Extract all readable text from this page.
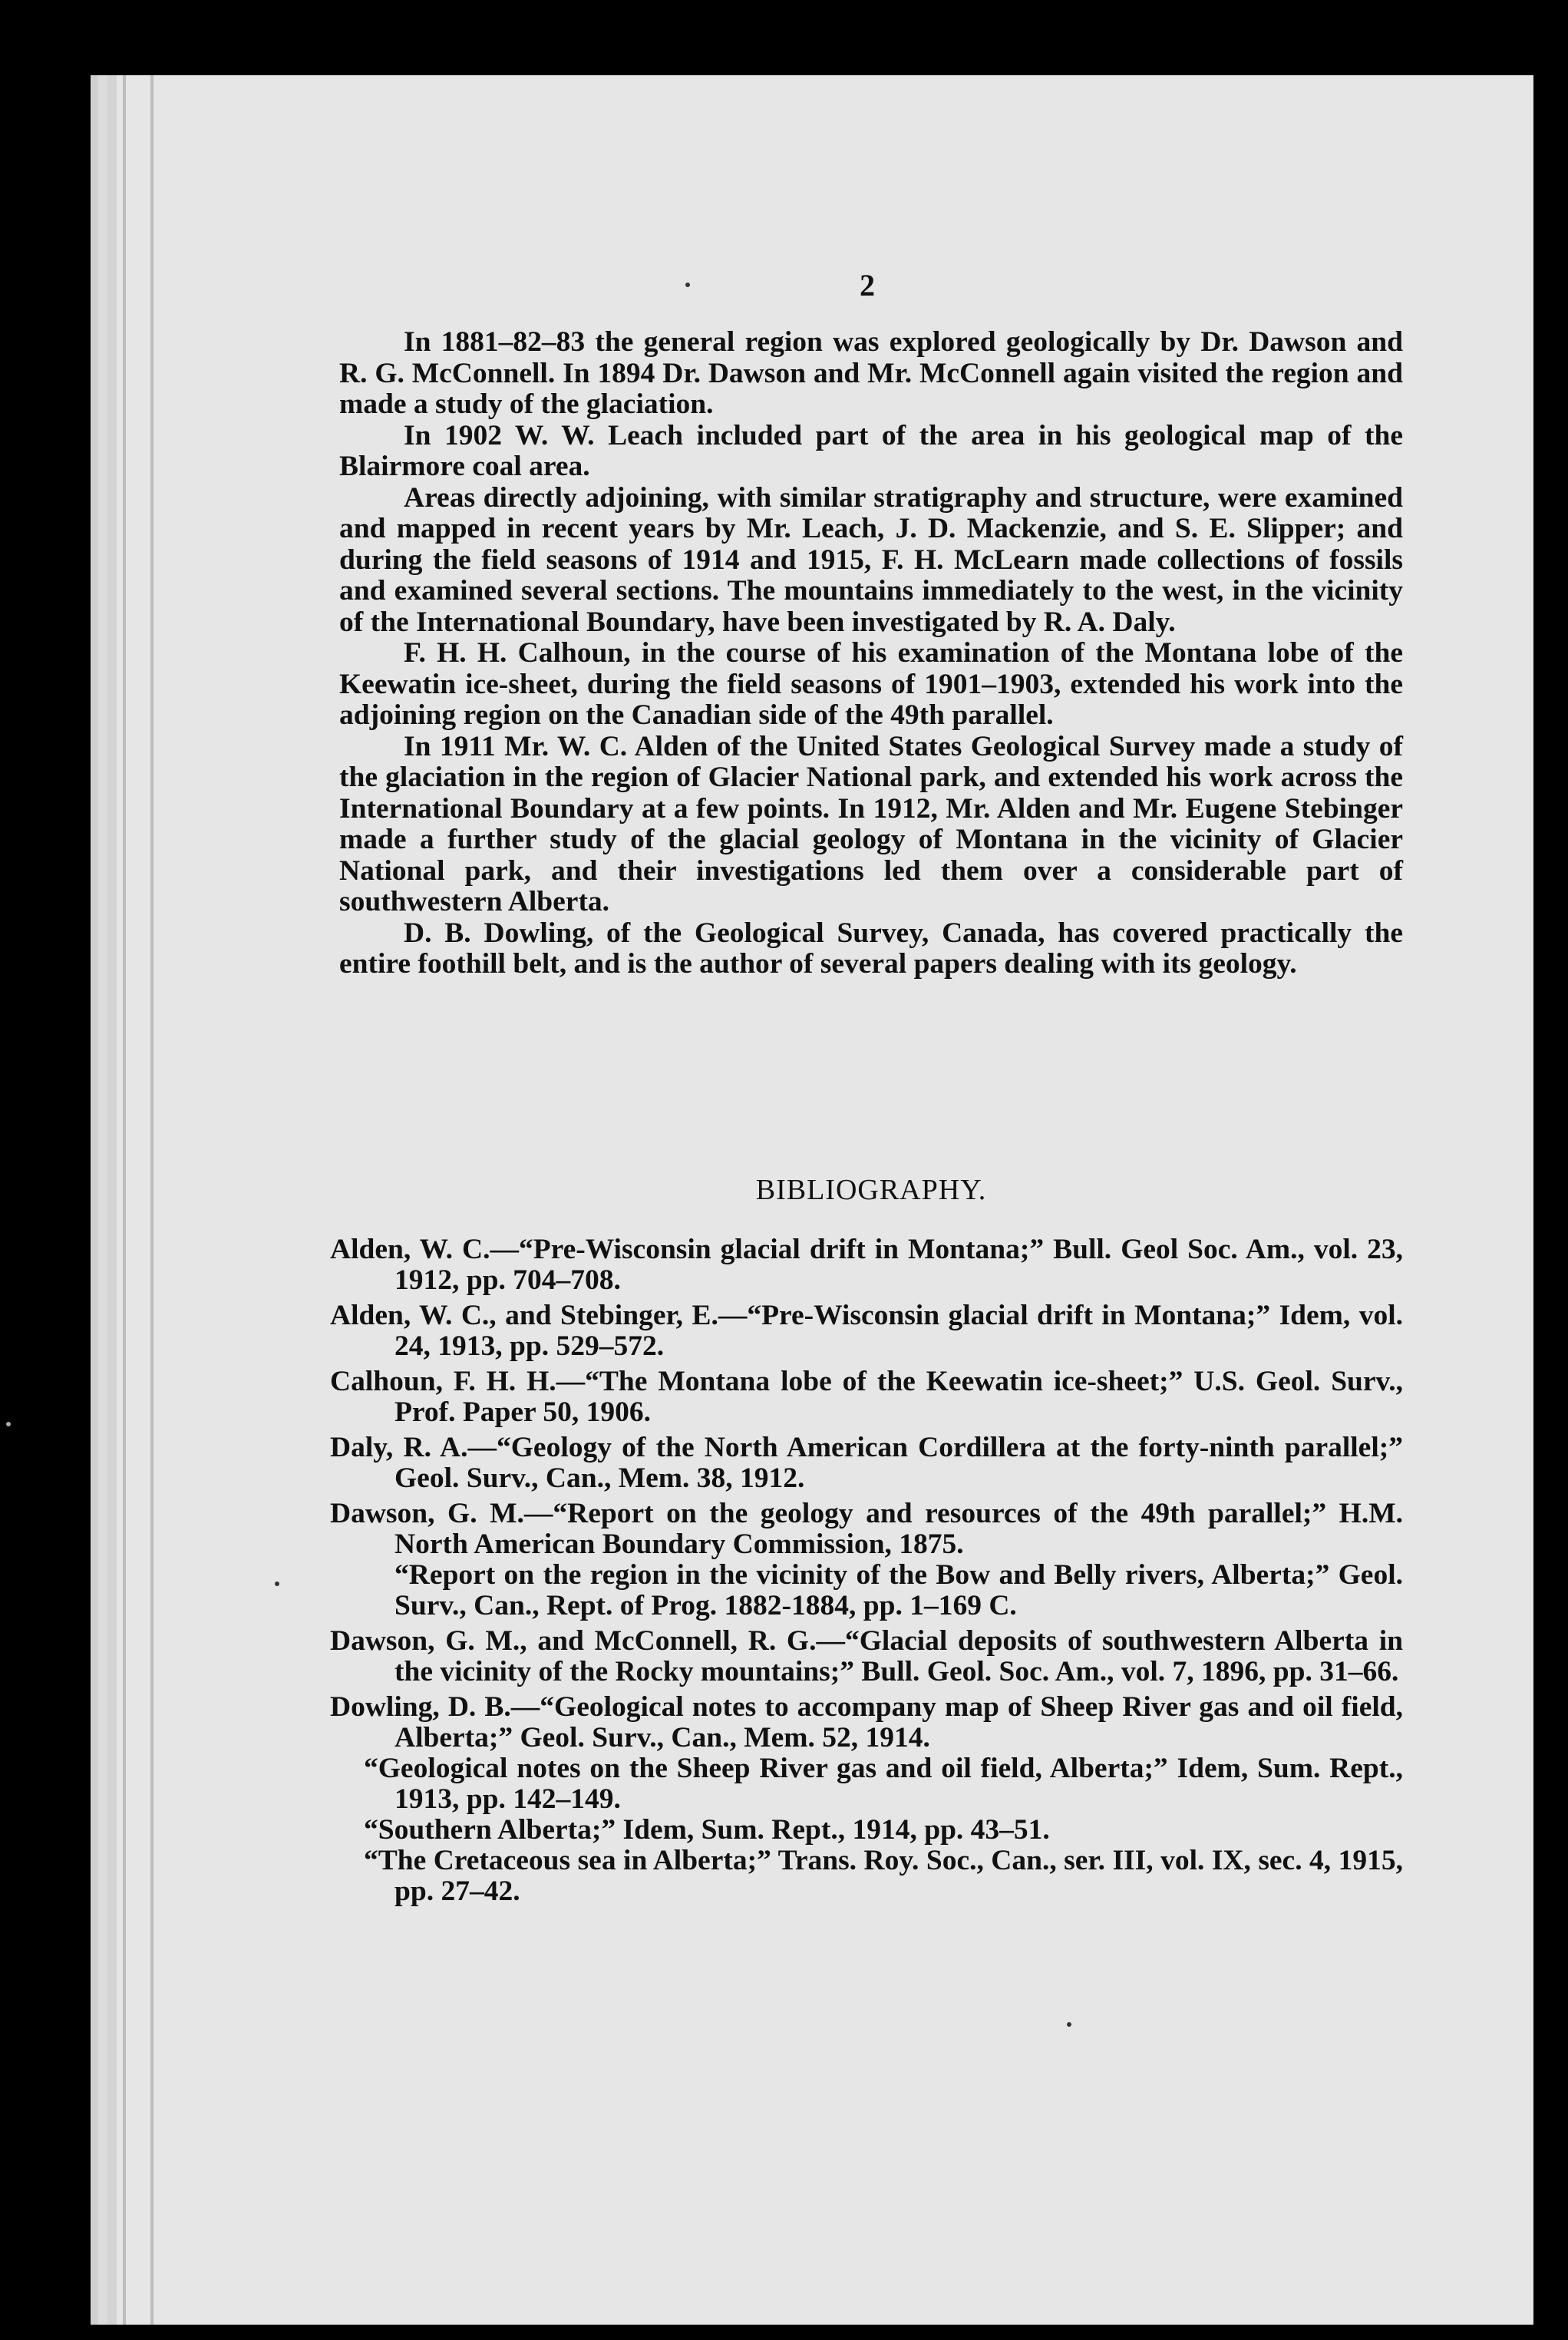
2

In 1881–82–83 the general region was explored geologically by Dr. Dawson and R. G. McConnell. In 1894 Dr. Dawson and Mr. McConnell again visited the region and made a study of the glaciation.

In 1902 W. W. Leach included part of the area in his geological map of the Blairmore coal area.

Areas directly adjoining, with similar stratigraphy and structure, were examined and mapped in recent years by Mr. Leach, J. D. Mackenzie, and S. E. Slipper; and during the field seasons of 1914 and 1915, F. H. McLearn made collections of fossils and examined several sections. The mountains immediately to the west, in the vicinity of the International Boundary, have been investigated by R. A. Daly.

F. H. H. Calhoun, in the course of his examination of the Montana lobe of the Keewatin ice-sheet, during the field seasons of 1901–1903, extended his work into the adjoining region on the Canadian side of the 49th parallel.

In 1911 Mr. W. C. Alden of the United States Geological Survey made a study of the glaciation in the region of Glacier National park, and extended his work across the International Boundary at a few points. In 1912, Mr. Alden and Mr. Eugene Stebinger made a further study of the glacial geology of Montana in the vicinity of Glacier National park, and their investigations led them over a considerable part of southwestern Alberta.

D. B. Dowling, of the Geological Survey, Canada, has covered practically the entire foothill belt, and is the author of several papers dealing with its geology.

BIBLIOGRAPHY.

Alden, W. C.—“Pre-Wisconsin glacial drift in Montana;” Bull. Geol Soc. Am., vol. 23, 1912, pp. 704–708.

Alden, W. C., and Stebinger, E.—“Pre-Wisconsin glacial drift in Montana;” Idem, vol. 24, 1913, pp. 529–572.

Calhoun, F. H. H.—“The Montana lobe of the Keewatin ice-sheet;” U.S. Geol. Surv., Prof. Paper 50, 1906.

Daly, R. A.—“Geology of the North American Cordillera at the forty-ninth parallel;” Geol. Surv., Can., Mem. 38, 1912.

Dawson, G. M.—“Report on the geology and resources of the 49th parallel;” H.M. North American Boundary Commission, 1875.

“Report on the region in the vicinity of the Bow and Belly rivers, Alberta;” Geol. Surv., Can., Rept. of Prog. 1882-1884, pp. 1–169 C.

Dawson, G. M., and McConnell, R. G.—“Glacial deposits of southwestern Alberta in the vicinity of the Rocky mountains;” Bull. Geol. Soc. Am., vol. 7, 1896, pp. 31–66.

Dowling, D. B.—“Geological notes to accompany map of Sheep River gas and oil field, Alberta;” Geol. Surv., Can., Mem. 52, 1914.

“Geological notes on the Sheep River gas and oil field, Alberta;” Idem, Sum. Rept., 1913, pp. 142–149.

“Southern Alberta;” Idem, Sum. Rept., 1914, pp. 43–51.

“The Cretaceous sea in Alberta;” Trans. Roy. Soc., Can., ser. III, vol. IX, sec. 4, 1915, pp. 27–42.
